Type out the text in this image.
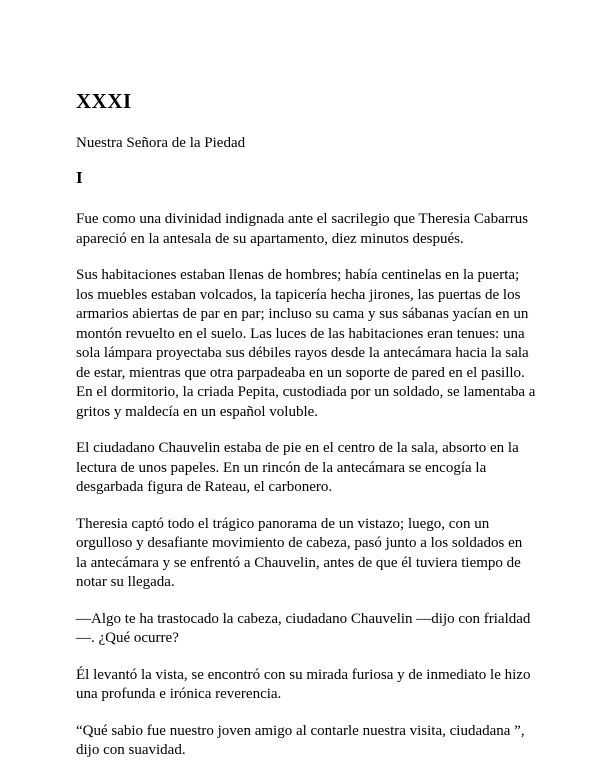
XXXI
Nuestra Señora de la Piedad
I

Fue como una divinidad indignada ante el sacrilegio que Theresia Cabarrus apareció en la antesala de su apartamento, diez minutos después.

Sus habitaciones estaban llenas de hombres; había centinelas en la puerta; los muebles estaban volcados, la tapicería hecha jirones, las puertas de los armarios abiertas de par en par; incluso su cama y sus sábanas yacían en un montón revuelto en el suelo. Las luces de las habitaciones eran tenues: una sola lámpara proyectaba sus débiles rayos desde la antecámara hacia la sala de estar, mientras que otra parpadeaba en un soporte de pared en el pasillo. En el dormitorio, la criada Pepita, custodiada por un soldado, se lamentaba a gritos y maldecía en un español voluble.

El ciudadano Chauvelin estaba de pie en el centro de la sala, absorto en la lectura de unos papeles. En un rincón de la antecámara se encogía la desgarbada figura de Rateau, el carbonero.

Theresia captó todo el trágico panorama de un vistazo; luego, con un orgulloso y desafiante movimiento de cabeza, pasó junto a los soldados en la antecámara y se enfrentó a Chauvelin, antes de que él tuviera tiempo de notar su llegada.

—Algo te ha trastocado la cabeza, ciudadano Chauvelin —dijo con frialdad —. ¿Qué ocurre?

Él levantó la vista, se encontró con su mirada furiosa y de inmediato le hizo una profunda e irónica reverencia.

“Qué sabio fue nuestro joven amigo al contarle nuestra visita, ciudadana ”, dijo con suavidad.
